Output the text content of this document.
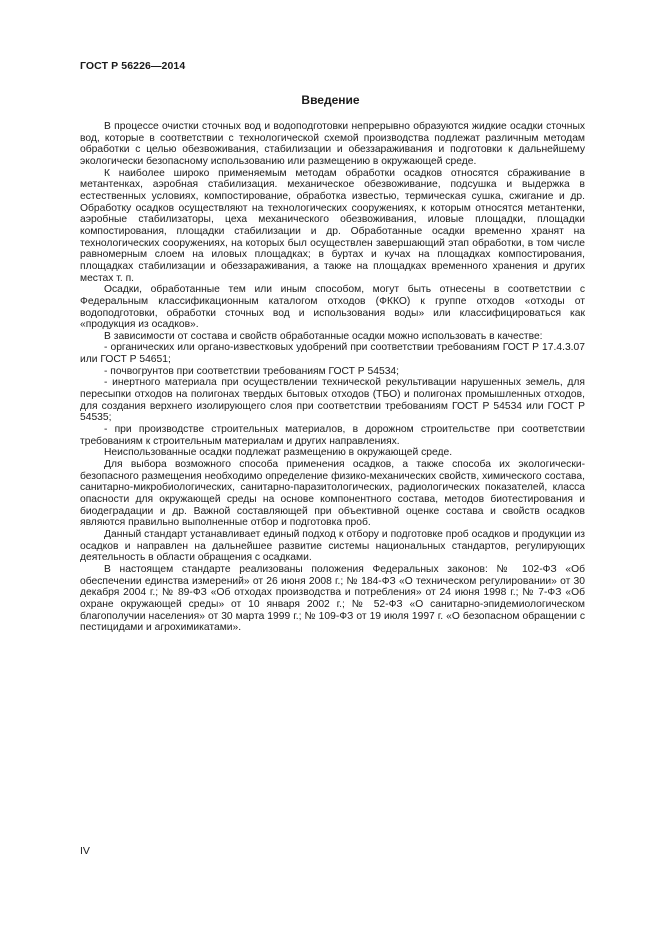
ГОСТ Р 56226—2014
Введение

В процессе очистки сточных вод и водоподготовки непрерывно образуются жидкие осадки сточных вод, которые в соответствии с технологической схемой производства подлежат различным методам обработки с целью обезвоживания, стабилизации и обеззараживания и подготовки к дальнейшему экологически безопасному использованию или размещению в окружающей среде.

К наиболее широко применяемым методам обработки осадков относятся сбраживание в метантенках, аэробная стабилизация. механическое обезвоживание, подсушка и выдержка в естественных условиях, компостирование, обработка известью, термическая сушка, сжигание и др. Обработку осадков осуществляют на технологических сооружениях, к которым относятся метантенки, аэробные стабилизаторы, цеха механического обезвоживания, иловые площадки, площадки компостирования, площадки стабилизации и др. Обработанные осадки временно хранят на технологических сооружениях, на которых был осуществлен завершающий этап обработки, в том числе равномерным слоем на иловых площадках; в буртах и кучах на площадках компостирования, площадках стабилизации и обеззараживания, а также на площадках временного хранения и других местах т. п.

Осадки, обработанные тем или иным способом, могут быть отнесены в соответствии с Федеральным классификационным каталогом отходов (ФККО) к группе отходов «отходы от водоподготовки, обработки сточных вод и использования воды» или классифицироваться как «продукция из осадков».

В зависимости от состава и свойств обработанные осадки можно использовать в качестве:

- органических или органо-известковых удобрений при соответствии требованиям ГОСТ Р 17.4.3.07 или ГОСТ Р 54651;

- почвогрунтов при соответствии требованиям ГОСТ Р 54534;

- инертного материала при осуществлении технической рекультивации нарушенных земель, для пересыпки отходов на полигонах твердых бытовых отходов (ТБО) и полигонах промышленных отходов, для создания верхнего изолирующего слоя при соответствии требованиям ГОСТ Р 54534 или ГОСТ Р 54535;

- при производстве строительных материалов, в дорожном строительстве при соответствии требованиям к строительным материалам и других направлениях.

Неиспользованные осадки подлежат размещению в окружающей среде.

Для выбора возможного способа применения осадков, а также способа их экологически-безопасного размещения необходимо определение физико-механических свойств, химического состава, санитарно-микробиологических, санитарно-паразитологических, радиологических показателей, класса опасности для окружающей среды на основе компонентного состава, методов биотестирования и биодеградации и др. Важной составляющей при объективной оценке состава и свойств осадков являются правильно выполненные отбор и подготовка проб.

Данный стандарт устанавливает единый подход к отбору и подготовке проб осадков и продукции из осадков и направлен на дальнейшее развитие системы национальных стандартов, регулирующих деятельность в области обращения с осадками.

В настоящем стандарте реализованы положения Федеральных законов: № 102-ФЗ «Об обеспечении единства измерений» от 26 июня 2008 г.; № 184-ФЗ «О техническом регулировании» от 30 декабря 2004 г.; № 89-ФЗ «Об отходах производства и потребления» от 24 июня 1998 г.; № 7-ФЗ «Об охране окружающей среды» от 10 января 2002 г.; № 52-ФЗ «О санитарно-эпидемиологическом благополучии населения» от 30 марта 1999 г.; № 109-ФЗ от 19 июля 1997 г. «О безопасном обращении с пестицидами и агрохимикатами».

IV
